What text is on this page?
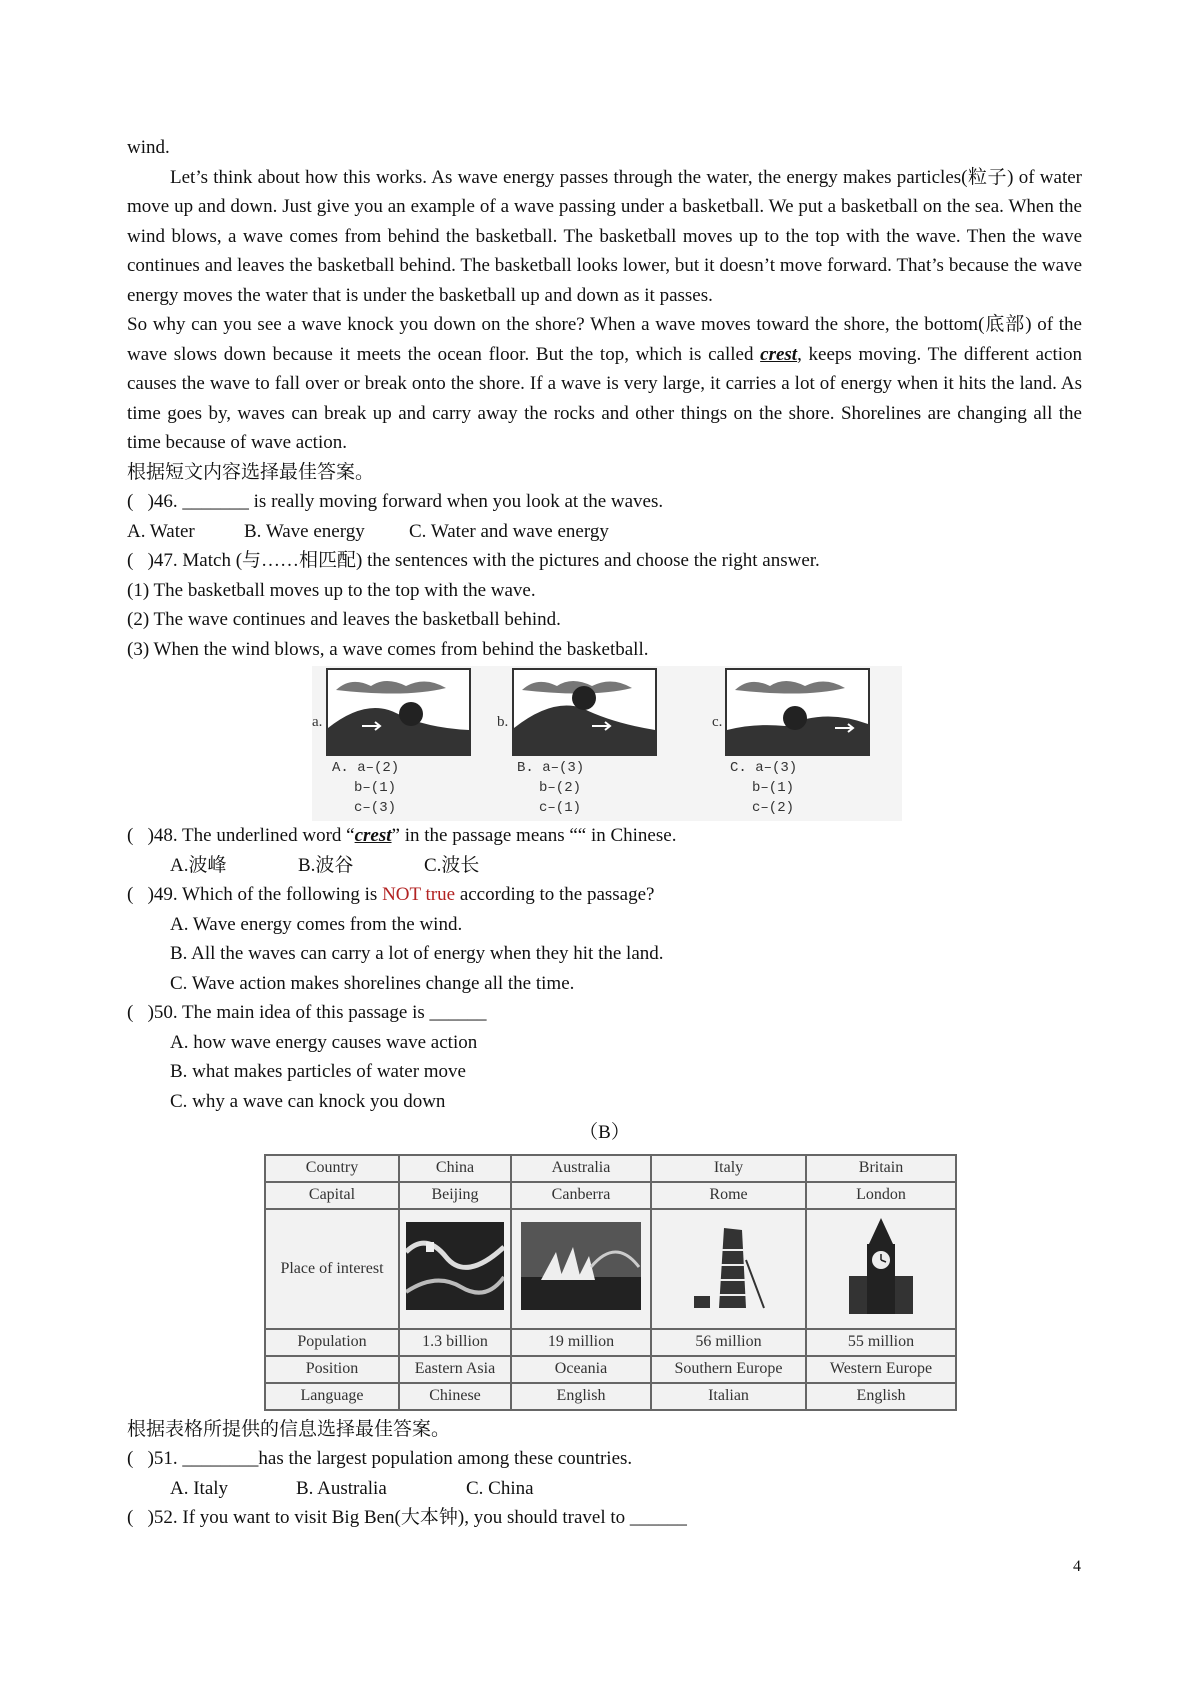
wind.

Let’s think about how this works. As wave energy passes through the water, the energy makes particles(粒子) of water move up and down. Just give you an example of a wave passing under a basketball. We put a basketball on the sea. When the wind blows, a wave comes from behind the basketball. The basketball moves up to the top with the wave. Then the wave continues and leaves the basketball behind. The basketball looks lower, but it doesn’t move forward. That’s because the wave energy moves the water that is under the basketball up and down as it passes.

So why can you see a wave knock you down on the shore? When a wave moves toward the shore, the bottom(底部) of the wave slows down because it meets the ocean floor. But the top, which is called crest, keeps moving. The different action causes the wave to fall over or break onto the shore. If a wave is very large, it carries a lot of energy when it hits the land. As time goes by, waves can break up and carry away the rocks and other things on the shore. Shorelines are changing all the time because of wave action.

根据短文内容选择最佳答案。

(   )46. _______ is really moving forward when you look at the waves.

A. Water	B. Wave energy C. Water and wave energy

(   )47. Match (与……相匹配) the sentences with the pictures and choose the right answer.

(1) The basketball moves up to the top with the wave.

(2) The wave continues and leaves the basketball behind.

(3) When the wind blows, a wave comes from behind the basketball.

a.	b.	c.
A. a–(2)
b–(1)
c–(3)
B. a–(3)
b–(2)
c–(1)
C. a–(3)
b–(1)
c–(2)

(   )48. The underlined word “crest” in the passage means ““ in Chinese.

A.波峰	B.波谷	C.波长

(   )49. Which of the following is NOT true according to the passage?

A. Wave energy comes from the wind.

B. All the waves can carry a lot of energy when they hit the land.

C. Wave action makes shorelines change all the time.

(   )50. The main idea of this passage is ______

A. how wave energy causes wave action

B. what makes particles of water move

C. why a wave can knock you down

（B）

Country	China	Australia	Italy	Britain
Capital	Beijing	Canberra	Rome	London
Place of interest				
Population	1.3 billion	19 million	56 million	55 million
Position	Eastern Asia	Oceania	Southern Europe	Western Europe
Language	Chinese	English	Italian	English

根据表格所提供的信息选择最佳答案。

(   )51. ________has the largest population among these countries.

A. Italy	B. Australia	C. China

(   )52. If you want to visit Big Ben(大本钟), you should travel to ______

4
